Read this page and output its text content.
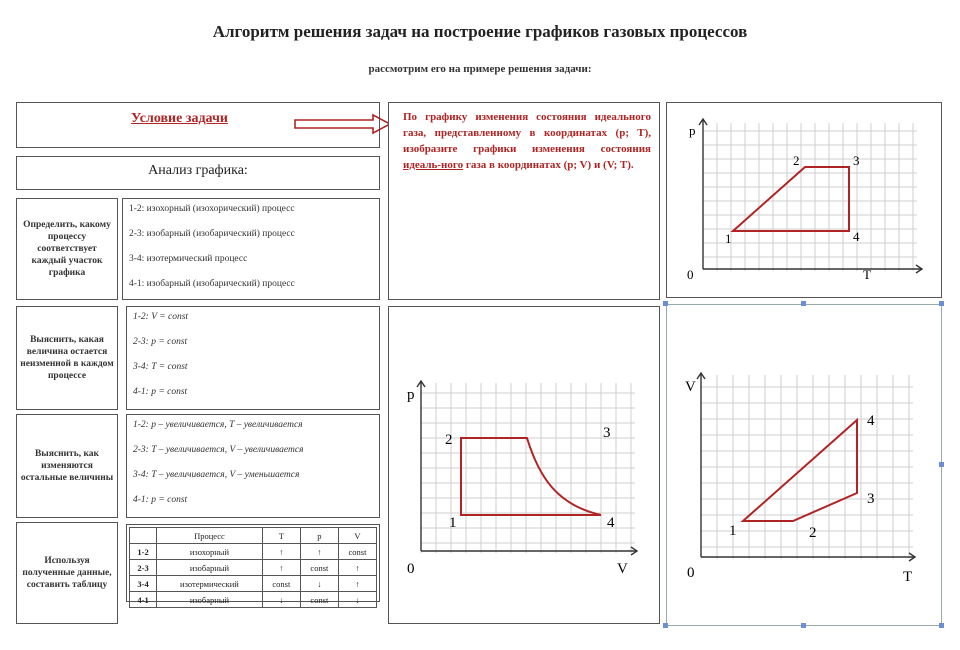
Алгоритм решения задач на построение графиков газовых процессов
рассмотрим его на примере решения задачи:
Условие задачи
Анализ графика:
Определить, какому процессу соответствует каждый участок графика
1-2: изохорный (изохорический) процесс
2-3: изобарный (изобарический) процесс
3-4: изотермический процесс
4-1: изобарный (изобарический) процесс
Выяснить, какая величина остается неизменной в каждом процессе
1-2: V = const
2-3: p = const
3-4: T = const
4-1: p = const
Выяснить, как изменяются остальные величины
1-2: p – увеличивается, T – увеличивается
2-3: T – увеличивается, V – увеличивается
3-4: T – увеличивается, V – уменьшается
4-1: p = const
Используя полученные данные, составить таблицу
	Процесс	T	p	V
1-2	изохорный	↑	↑	const
2-3	изобарный	↑	const	↑
3-4	изотермический	const	↓	↑
4-1	изобарный	↓	const	↓
По графику изменения состояния идеального газа, представленному в координатах (p; T), изобразите графики изменения состояния идеаль-ного газа в координатах (p; V) и (V; T).
p
T
0
1
2	3
4
p
V
0
1
2	3
4
V
T
0
1	2
3
4
